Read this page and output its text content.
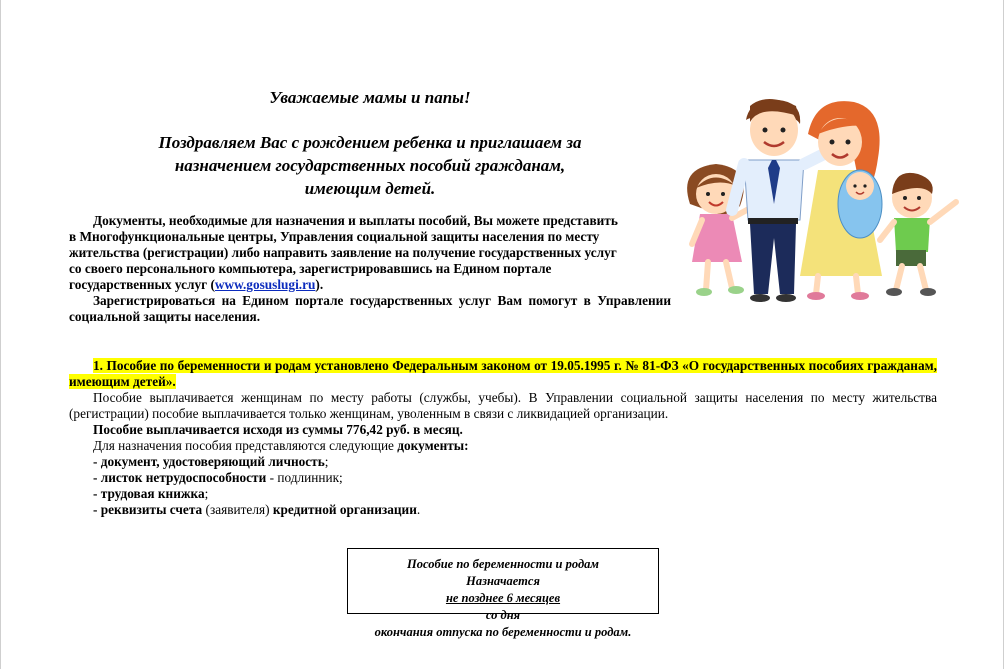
Уважаемые мамы и папы!
Поздравляем Вас с рождением ребенка и приглашаем за
назначением государственных пособий гражданам,
имеющим детей.

Документы, необходимые для назначения и выплаты пособий, Вы можете представить

в Многофункциональные центры, Управления социальной защиты населения по месту

жительства (регистрации) либо направить заявление на получение государственных услуг

со своего персонального компьютера, зарегистрировавшись на Едином портале

государственных услуг (www.gosuslugi.ru).

Зарегистрироваться на Едином портале государственных услуг Вам помогут в Управлении социальной защиты населения.

1. Пособие по беременности и родам установлено Федеральным законом от 19.05.1995 г. № 81-ФЗ «О государственных пособиях гражданам, имеющим детей».

Пособие выплачивается женщинам по месту работы (службы, учебы). В Управлении социальной защиты населения по месту жительства (регистрации) пособие выплачивается только женщинам, уволенным в связи с ликвидацией организации.

Пособие выплачивается исходя из суммы 776,42 руб. в месяц.

Для назначения пособия представляются следующие документы:

- документ, удостоверяющий личность;

- листок нетрудоспособности - подлинник;

- трудовая книжка;

- реквизиты счета (заявителя) кредитной организации.

Пособие по беременности и родам
Назначается
не позднее 6 месяцев
со дня
окончания отпуска по беременности и родам.
